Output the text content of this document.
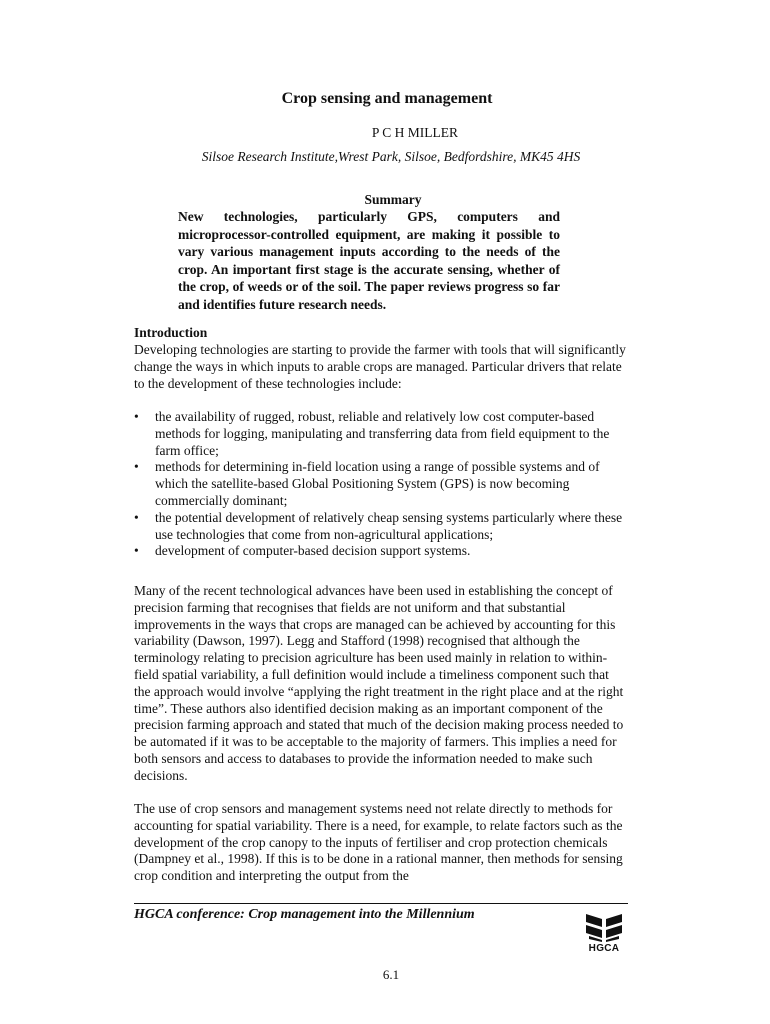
Crop sensing and management
P C H MILLER
Silsoe Research Institute,Wrest Park, Silsoe, Bedfordshire, MK45 4HS
Summary

New technologies, particularly GPS, computers and microprocessor-controlled equipment, are making it possible to vary various management inputs according to the needs of the crop. An important first stage is the accurate sensing, whether of the crop, of weeds or of the soil. The paper reviews progress so far and identifies future research needs.

Introduction

Developing technologies are starting to provide the farmer with tools that will significantly change the ways in which inputs to arable crops are managed. Particular drivers that relate to the development of these technologies include:

•	the availability of rugged, robust, reliable and relatively low cost computer-based methods for logging, manipulating and transferring data from field equipment to the farm office;
•	methods for determining in-field location using a range of possible systems and of which the satellite-based Global Positioning System (GPS) is now becoming commercially dominant;
•	the potential development of relatively cheap sensing systems particularly where these use technologies that come from non-agricultural applications;
•	development of computer-based decision support systems.

Many of the recent technological advances have been used in establishing the concept of precision farming that recognises that fields are not uniform and that substantial improvements in the ways that crops are managed can be achieved by accounting for this variability (Dawson, 1997). Legg and Stafford (1998) recognised that although the terminology relating to precision agriculture has been used mainly in relation to within-field spatial variability, a full definition would include a timeliness component such that the approach would involve “applying the right treatment in the right place and at the right time”. These authors also identified decision making as an important component of the precision farming approach and stated that much of the decision making process needed to be automated if it was to be acceptable to the majority of farmers. This implies a need for both sensors and access to databases to provide the information needed to make such decisions.

The use of crop sensors and management systems need not relate directly to methods for accounting for spatial variability. There is a need, for example, to relate factors such as the development of the crop canopy to the inputs of fertiliser and crop protection chemicals (Dampney et al., 1998). If this is to be done in a rational manner, then methods for sensing crop condition and interpreting the output from the

HGCA conference: Crop management into the Millennium
HGCA
6.1
